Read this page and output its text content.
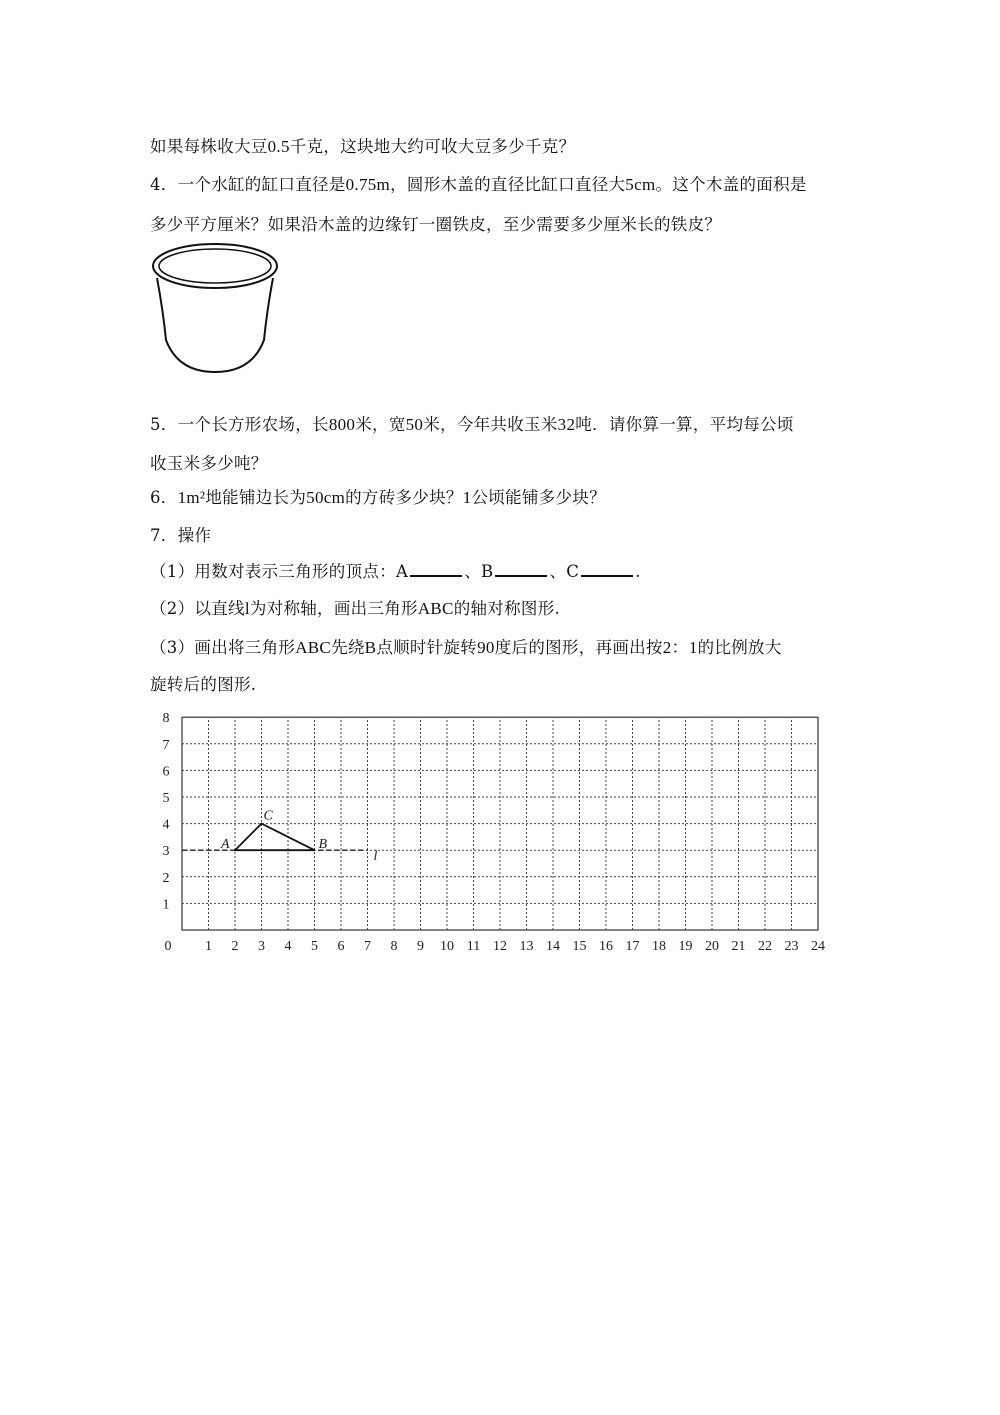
如果每株收大豆0.5千克，这块地大约可收大豆多少千克？
4．一个水缸的缸口直径是0.75m，圆形木盖的直径比缸口直径大5cm。这个木盖的面积是
多少平方厘米？如果沿木盖的边缘钉一圈铁皮，至少需要多少厘米长的铁皮？
5．一个长方形农场，长800米，宽50米，今年共收玉米32吨．请你算一算，平均每公顷
收玉米多少吨？
6．1m²地能铺边长为50cm的方砖多少块？1公顷能铺多少块？
7．操作
（1）用数对表示三角形的顶点：A	、B	、C	.
（2）以直线l为对称轴，画出三角形ABC的轴对称图形.
（3）画出将三角形ABC先绕B点顺时针旋转90度后的图形，再画出按2：1的比例放大
旋转后的图形.
0 1 2 3 4 5 6 7 8 9 10 11 12 13 14 15 16 17 18 19 20 21 22 23 24
1
2
3
4
5
6
7
8
l
A	B
C
